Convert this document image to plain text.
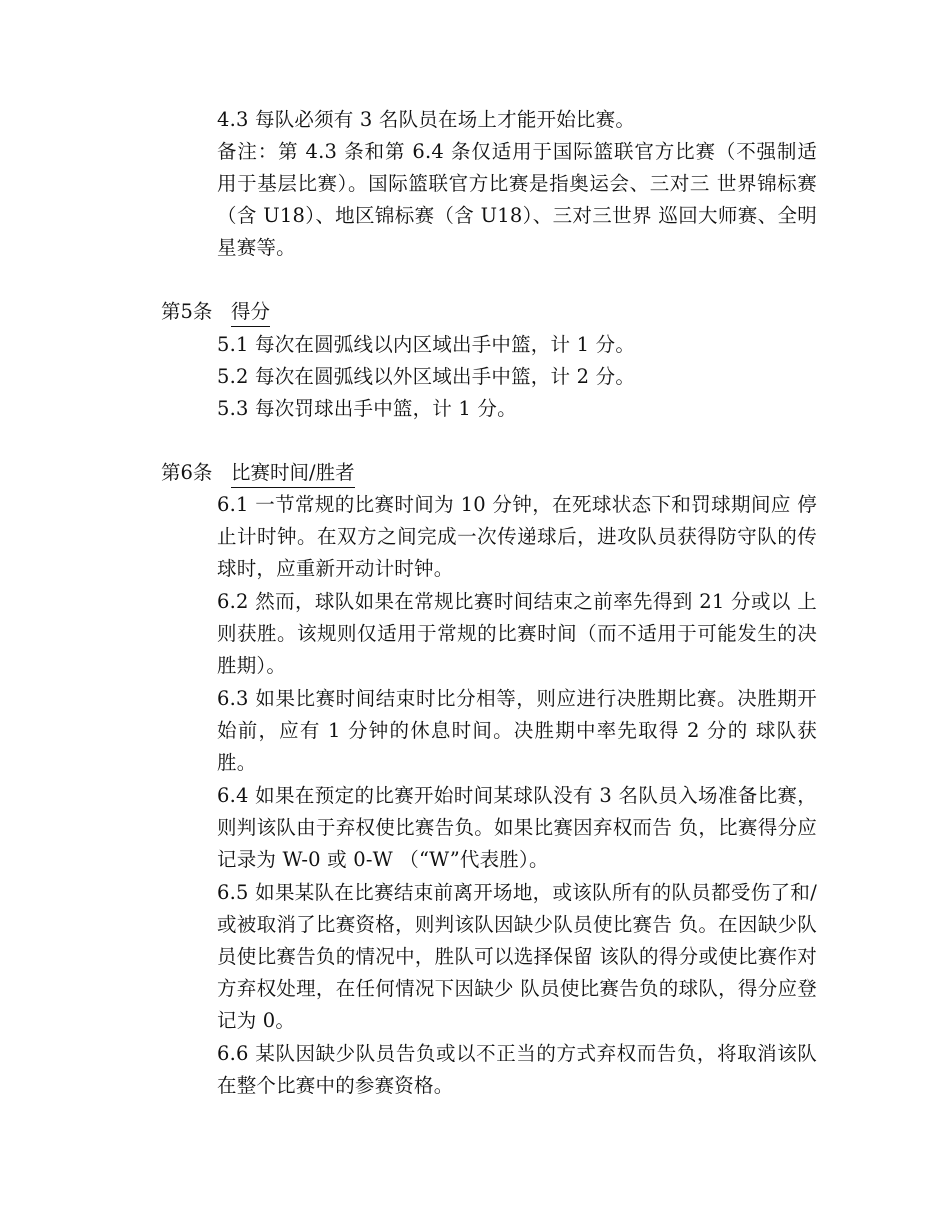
4.3 每队必须有 3 名队员在场上才能开始比赛。
备注：第 4.3 条和第 6.4 条仅适用于国际篮联官方比赛（不强制适用于基层比赛）。国际篮联官方比赛是指奥运会、三对三 世界锦标赛（含 U18）、地区锦标赛（含 U18）、三对三世界 巡回大师赛、全明星赛等。
第5条 得分
5.1 每次在圆弧线以内区域出手中篮，计 1 分。
5.2 每次在圆弧线以外区域出手中篮，计 2 分。
5.3 每次罚球出手中篮，计 1 分。
第6条 比赛时间/胜者
6.1 一节常规的比赛时间为 10 分钟，在死球状态下和罚球期间应 停止计时钟。在双方之间完成一次传递球后，进攻队员获得防守队的传球时，应重新开动计时钟。
6.2 然而，球队如果在常规比赛时间结束之前率先得到 21 分或以 上则获胜。该规则仅适用于常规的比赛时间（而不适用于可能发生的决胜期）。
6.3 如果比赛时间结束时比分相等，则应进行决胜期比赛。决胜期开始前，应有 1 分钟的休息时间。决胜期中率先取得 2 分的 球队获胜。
6.4 如果在预定的比赛开始时间某球队没有 3 名队员入场准备比赛，则判该队由于弃权使比赛告负。如果比赛因弃权而告 负，比赛得分应记录为 W-0 或 0-W （“W”代表胜）。
6.5 如果某队在比赛结束前离开场地，或该队所有的队员都受伤了和/或被取消了比赛资格，则判该队因缺少队员使比赛告 负。在因缺少队员使比赛告负的情况中，胜队可以选择保留 该队的得分或使比赛作对方弃权处理，在任何情况下因缺少 队员使比赛告负的球队，得分应登记为 0。
6.6 某队因缺少队员告负或以不正当的方式弃权而告负，将取消该队在整个比赛中的参赛资格。
